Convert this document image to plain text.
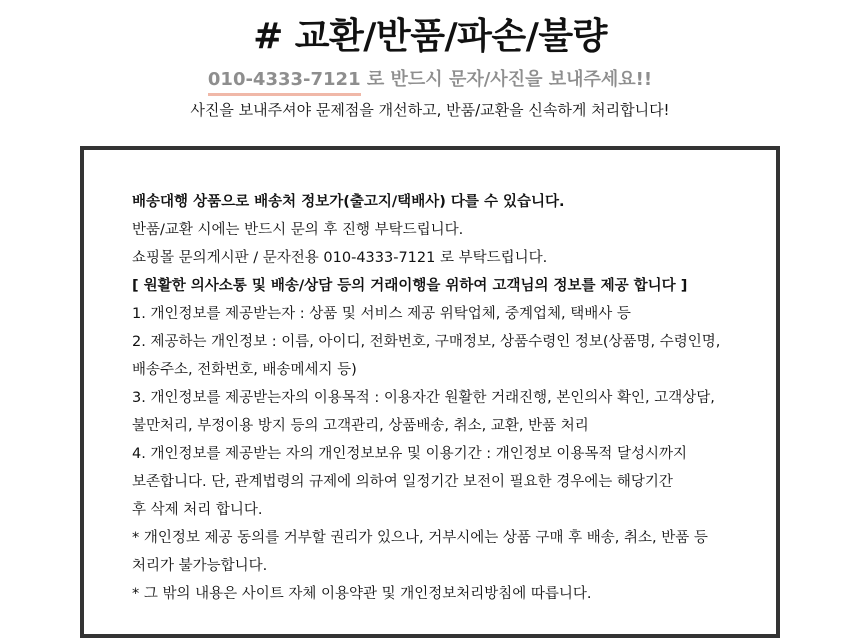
# 교환/반품/파손/불량
010-4333-7121 로 반드시 문자/사진을 보내주세요!!
사진을 보내주셔야 문제점을 개선하고, 반품/교환을 신속하게 처리합니다!
배송대행 상품으로 배송처 정보가(출고지/택배사) 다를 수 있습니다.
반품/교환 시에는 반드시 문의 후 진행 부탁드립니다.
쇼핑몰 문의게시판 / 문자전용 010-4333-7121 로 부탁드립니다.
[ 원활한 의사소통 및 배송/상담 등의 거래이행을 위하여 고객님의 정보를 제공 합니다 ]
1. 개인정보를 제공받는자 : 상품 및 서비스 제공 위탁업체, 중계업체, 택배사 등
2. 제공하는 개인정보 : 이름, 아이디, 전화번호, 구매정보, 상품수령인 정보(상품명, 수령인명,
배송주소, 전화번호, 배송메세지 등)
3. 개인정보를 제공받는자의 이용목적 : 이용자간 원활한 거래진행, 본인의사 확인, 고객상담,
불만처리, 부정이용 방지 등의 고객관리, 상품배송, 취소, 교환, 반품 처리
4. 개인정보를 제공받는 자의 개인정보보유 및 이용기간 : 개인정보 이용목적 달성시까지
보존합니다. 단, 관계법령의 규제에 의하여 일정기간 보전이 필요한 경우에는 해당기간
후 삭제 처리 합니다.
* 개인정보 제공 동의를 거부할 권리가 있으나, 거부시에는 상품 구매 후 배송, 취소, 반품 등
처리가 불가능합니다.
* 그 밖의 내용은 사이트 자체 이용약관 및 개인정보처리방침에 따릅니다.
